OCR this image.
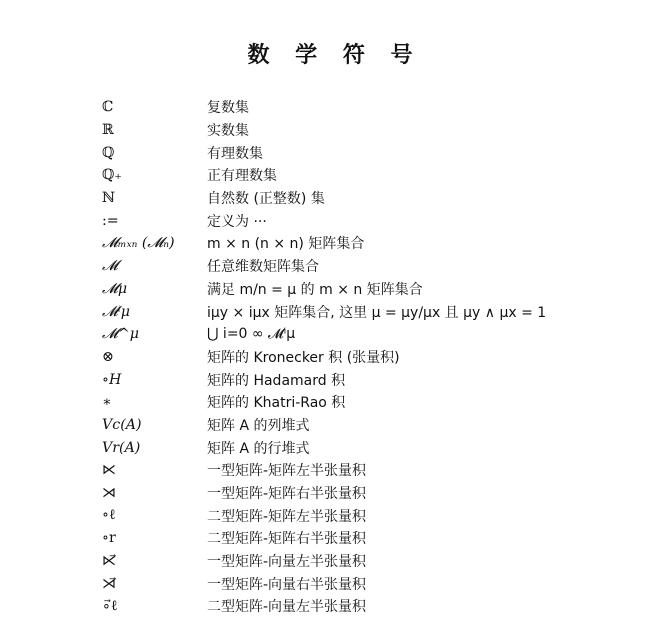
数 学 符 号
ℂ	复数集
ℝ	实数集
ℚ	有理数集
ℚ₊	正有理数集
ℕ	自然数 (正整数) 集
:=	定义为 ···
𝓜ₘₓₙ (𝓜ₙ)	m × n (n × n) 矩阵集合
𝓜	任意维数矩阵集合
𝓜μ	满足 m/n = μ 的 m × n 矩阵集合
𝓜ⁱμ	iμy × iμx 矩阵集合, 这里 μ = μy/μx 且 μy ∧ μx = 1
𝓜^μ	⋃ i=0 ∞ 𝓜ⁱμ
⊗	矩阵的 Kronecker 积 (张量积)
∘H	矩阵的 Hadamard 积
∗	矩阵的 Khatri-Rao 积
Vc(A)	矩阵 A 的列堆式
Vr(A)	矩阵 A 的行堆式
⋉	一型矩阵-矩阵左半张量积
⋊	一型矩阵-矩阵右半张量积
∘ℓ	二型矩阵-矩阵左半张量积
∘r	二型矩阵-矩阵右半张量积
⋉⃗	一型矩阵-向量左半张量积
⋊⃗	一型矩阵-向量右半张量积
∘⃗ℓ	二型矩阵-向量左半张量积
